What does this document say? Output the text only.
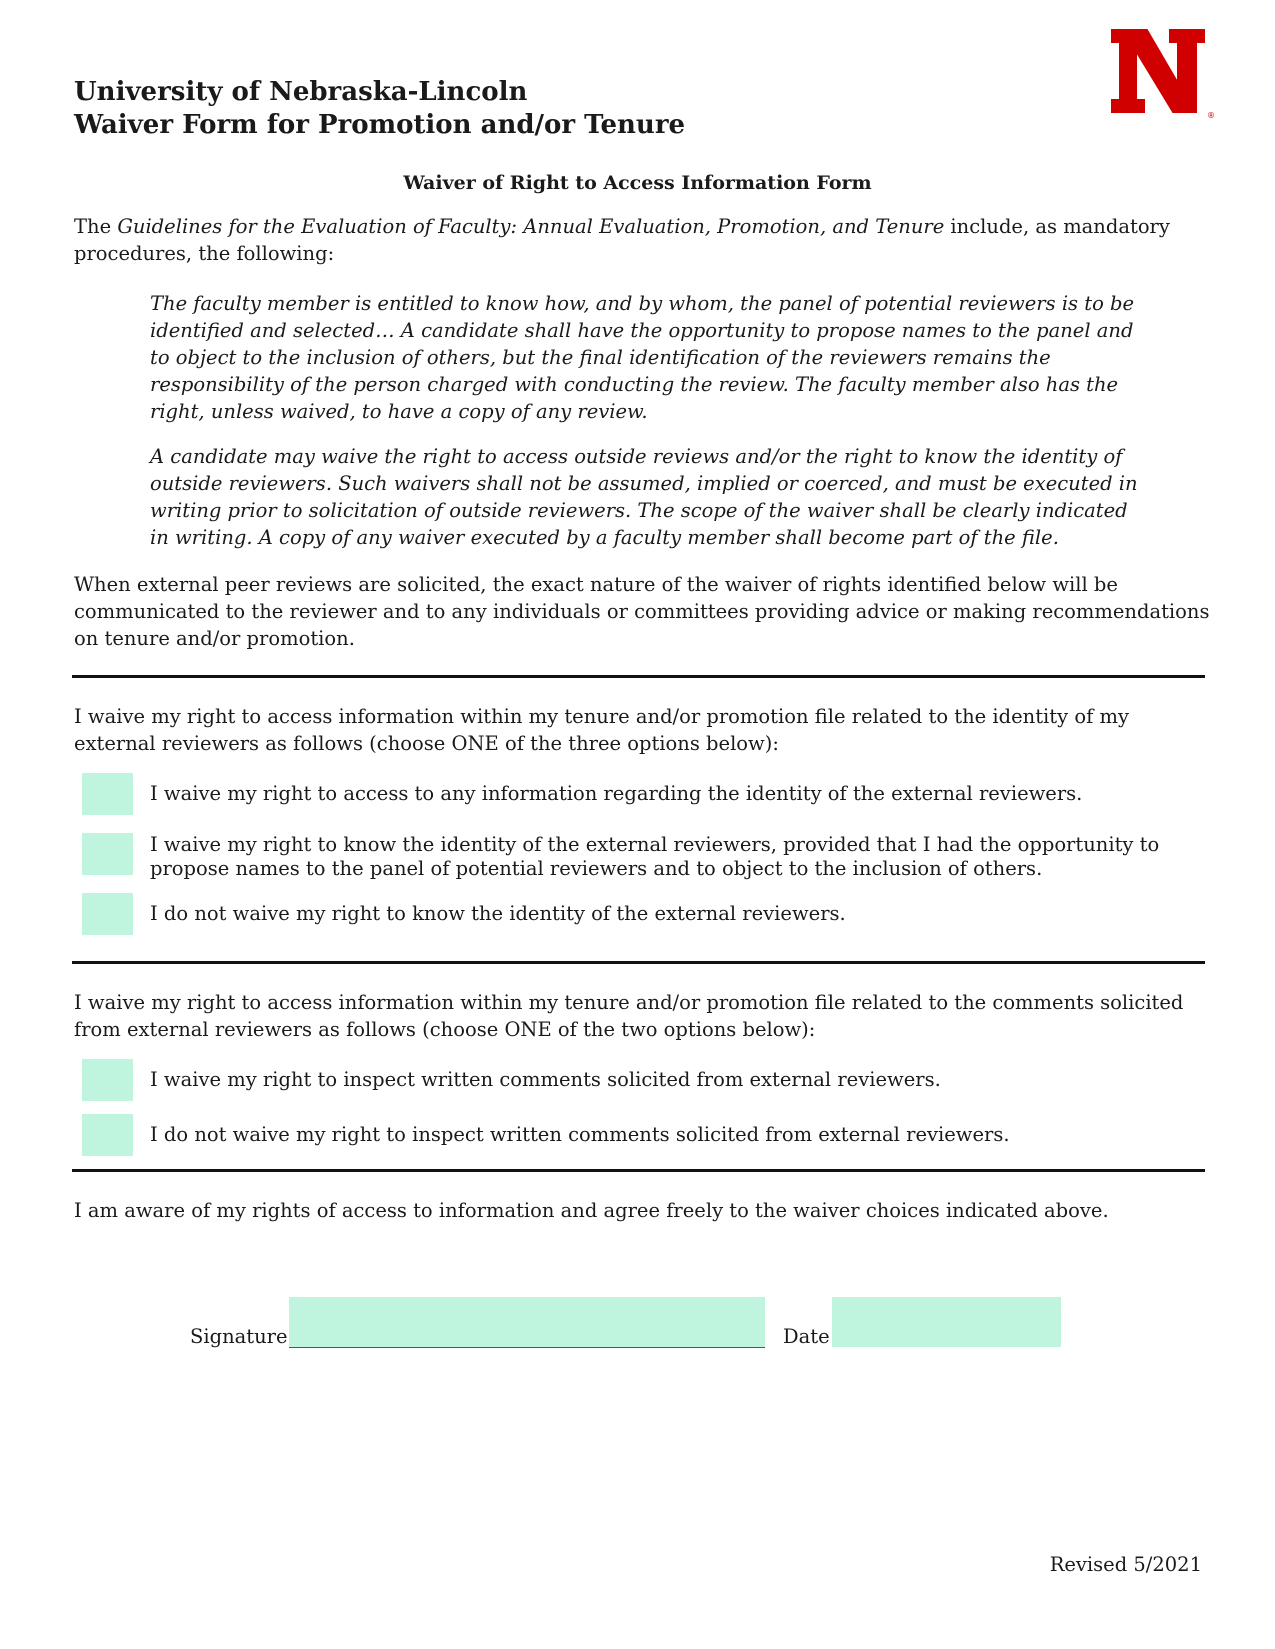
University of Nebraska-Lincoln
Waiver Form for Promotion and/or Tenure	®
Waiver of Right to Access Information Form
The Guidelines for the Evaluation of Faculty: Annual Evaluation, Promotion, and Tenure include, as mandatory procedures, the following:
The faculty member is entitled to know how, and by whom, the panel of potential reviewers is to be identified and selected… A candidate shall have the opportunity to propose names to the panel and to object to the inclusion of others, but the final identification of the reviewers remains the responsibility of the person charged with conducting the review. The faculty member also has the right, unless waived, to have a copy of any review.
A candidate may waive the right to access outside reviews and/or the right to know the identity of outside reviewers. Such waivers shall not be assumed, implied or coerced, and must be executed in writing prior to solicitation of outside reviewers. The scope of the waiver shall be clearly indicated in writing. A copy of any waiver executed by a faculty member shall become part of the file.
When external peer reviews are solicited, the exact nature of the waiver of rights identified below will be communicated to the reviewer and to any individuals or committees providing advice or making recommendations on tenure and/or promotion.
I waive my right to access information within my tenure and/or promotion file related to the identity of my external reviewers as follows (choose ONE of the three options below):
I waive my right to access to any information regarding the identity of the external reviewers.
I waive my right to know the identity of the external reviewers, provided that I had the opportunity to propose names to the panel of potential reviewers and to object to the inclusion of others.
I do not waive my right to know the identity of the external reviewers.
I waive my right to access information within my tenure and/or promotion file related to the comments solicited from external reviewers as follows (choose ONE of the two options below):
I waive my right to inspect written comments solicited from external reviewers.
I do not waive my right to inspect written comments solicited from external reviewers.
I am aware of my rights of access to information and agree freely to the waiver choices indicated above.
Signature	Date
Revised 5/2021
